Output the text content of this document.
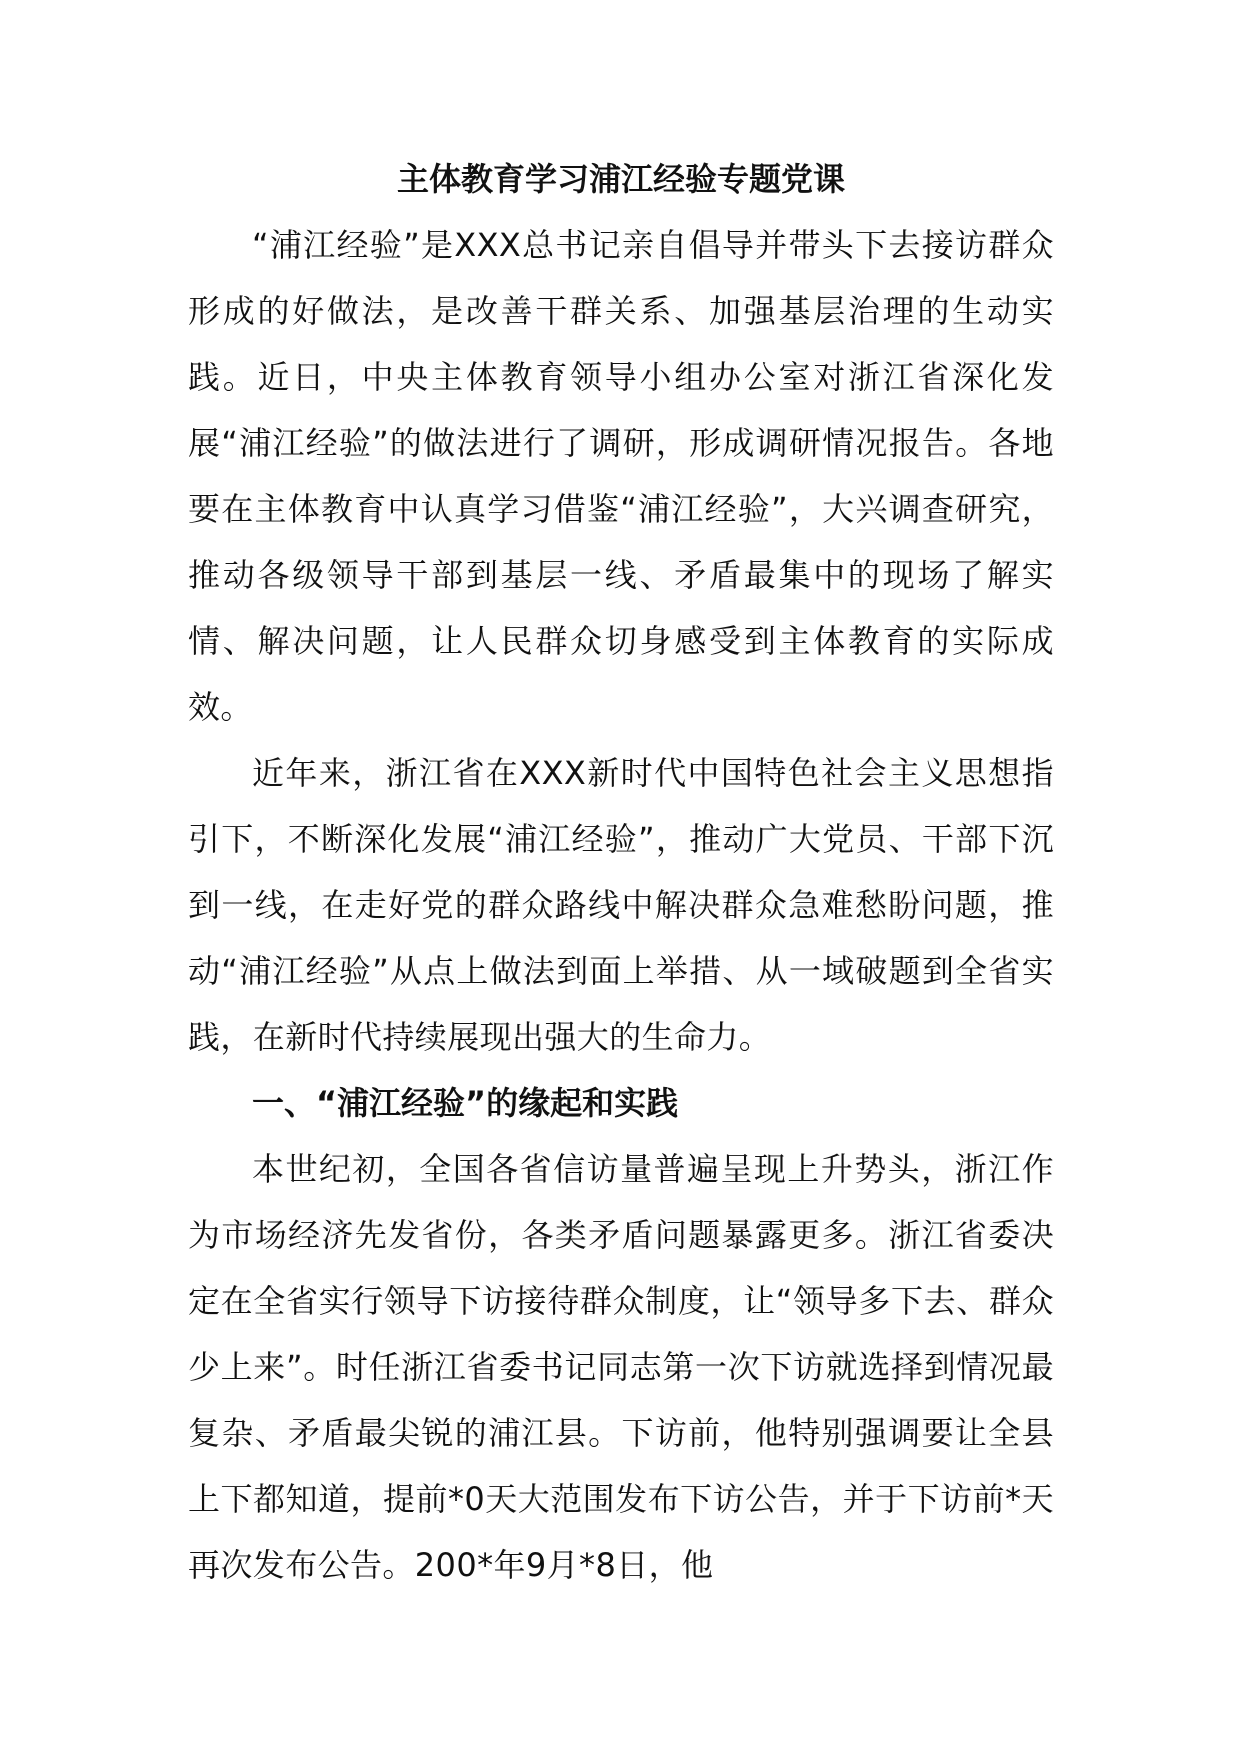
主体教育学习浦江经验专题党课

“浦江经验”是XXX总书记亲自倡导并带头下去接访群众形成的好做法，是改善干群关系、加强基层治理的生动实践。近日，中央主体教育领导小组办公室对浙江省深化发展“浦江经验”的做法进行了调研，形成调研情况报告。各地要在主体教育中认真学习借鉴“浦江经验”，大兴调查研究，推动各级领导干部到基层一线、矛盾最集中的现场了解实情、解决问题，让人民群众切身感受到主体教育的实际成效。

近年来，浙江省在XXX新时代中国特色社会主义思想指引下，不断深化发展“浦江经验”，推动广大党员、干部下沉到一线，在走好党的群众路线中解决群众急难愁盼问题，推动“浦江经验”从点上做法到面上举措、从一域破题到全省实践，在新时代持续展现出强大的生命力。

一、“浦江经验”的缘起和实践

本世纪初，全国各省信访量普遍呈现上升势头，浙江作为市场经济先发省份，各类矛盾问题暴露更多。浙江省委决定在全省实行领导下访接待群众制度，让“领导多下去、群众少上来”。时任浙江省委书记同志第一次下访就选择到情况最复杂、矛盾最尖锐的浦江县。下访前，他特别强调要让全县上下都知道，提前*0天大范围发布下访公告，并于下访前*天再次发布公告。200*年9月*8日，他
